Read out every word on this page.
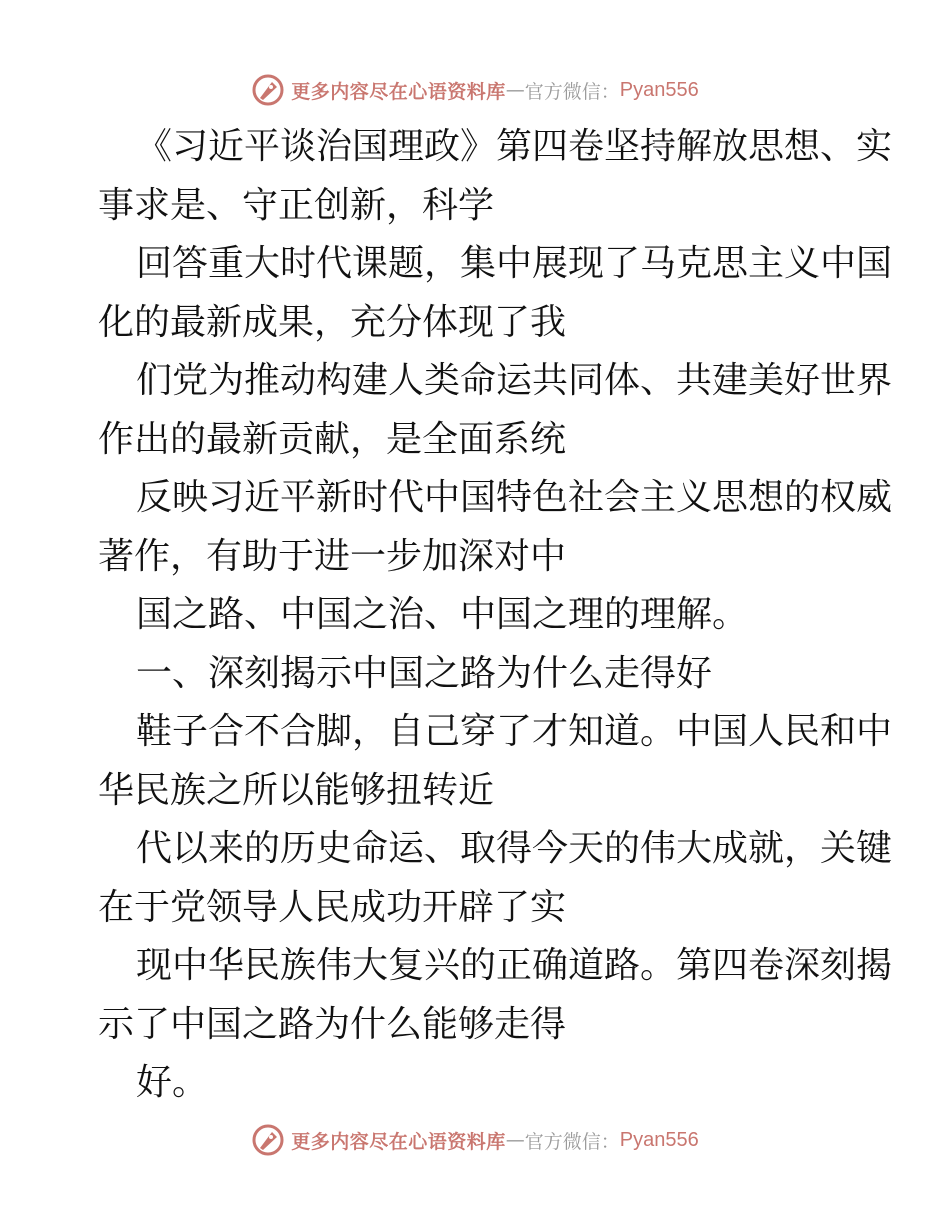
更多内容尽在心语资料库 — 官方微信： Pyan556

《习近平谈治国理政》第四卷坚持解放思想、实

事求是、守正创新，科学

回答重大时代课题，集中展现了马克思主义中国

化的最新成果，充分体现了我

们党为推动构建人类命运共同体、共建美好世界

作出的最新贡献，是全面系统

反映习近平新时代中国特色社会主义思想的权威

著作，有助于进一步加深对中

国之路、中国之治、中国之理的理解。

一、深刻揭示中国之路为什么走得好

鞋子合不合脚，自己穿了才知道。中国人民和中

华民族之所以能够扭转近

代以来的历史命运、取得今天的伟大成就，关键

在于党领导人民成功开辟了实

现中华民族伟大复兴的正确道路。第四卷深刻揭

示了中国之路为什么能够走得

好。

更多内容尽在心语资料库 — 官方微信： Pyan556
